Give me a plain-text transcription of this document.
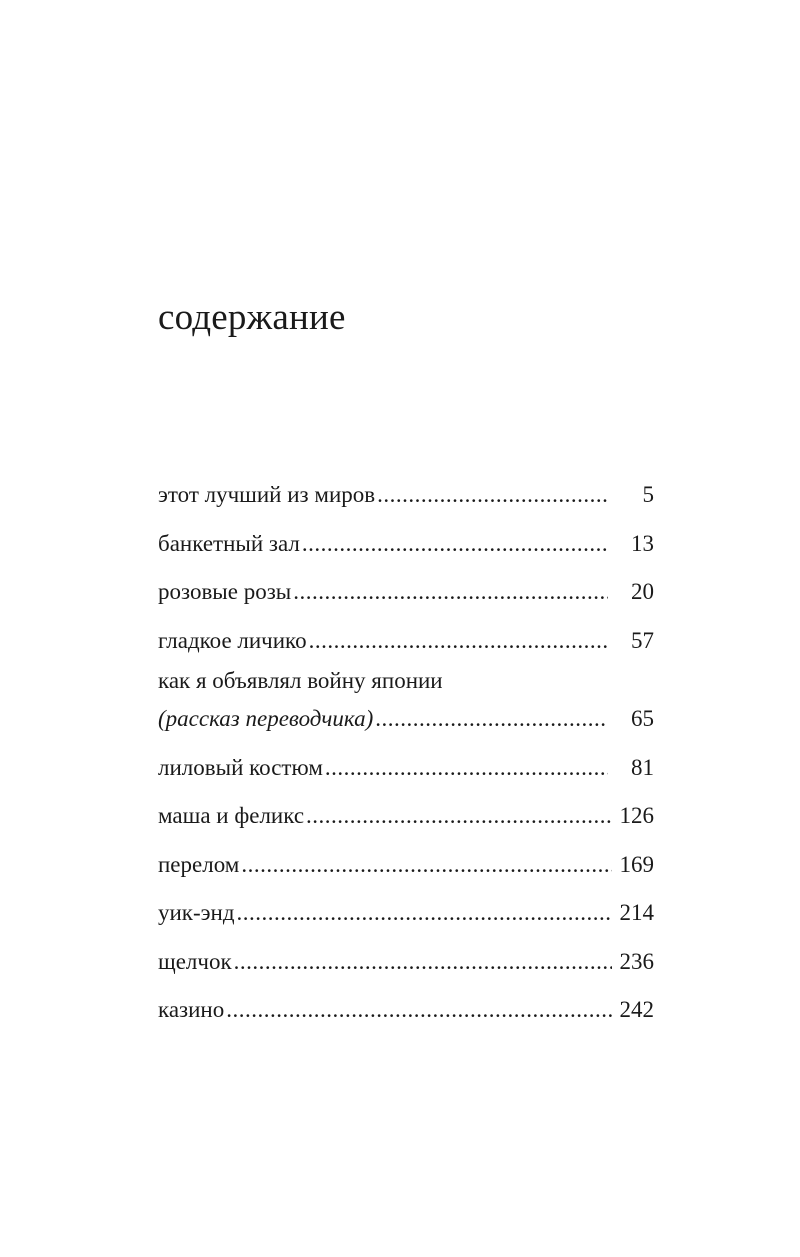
содержание
этот лучший из миров .....	5
банкетный зал .....	13
розовые розы .....	20
гладкое личико .....	57
как я объявлял войну японии
(рассказ переводчика) .....	65
лиловый костюм .....	81
маша и феликс .....	126
перелом .....	169
уик-энд .....	214
щелчок .....	236
казино .....	242
